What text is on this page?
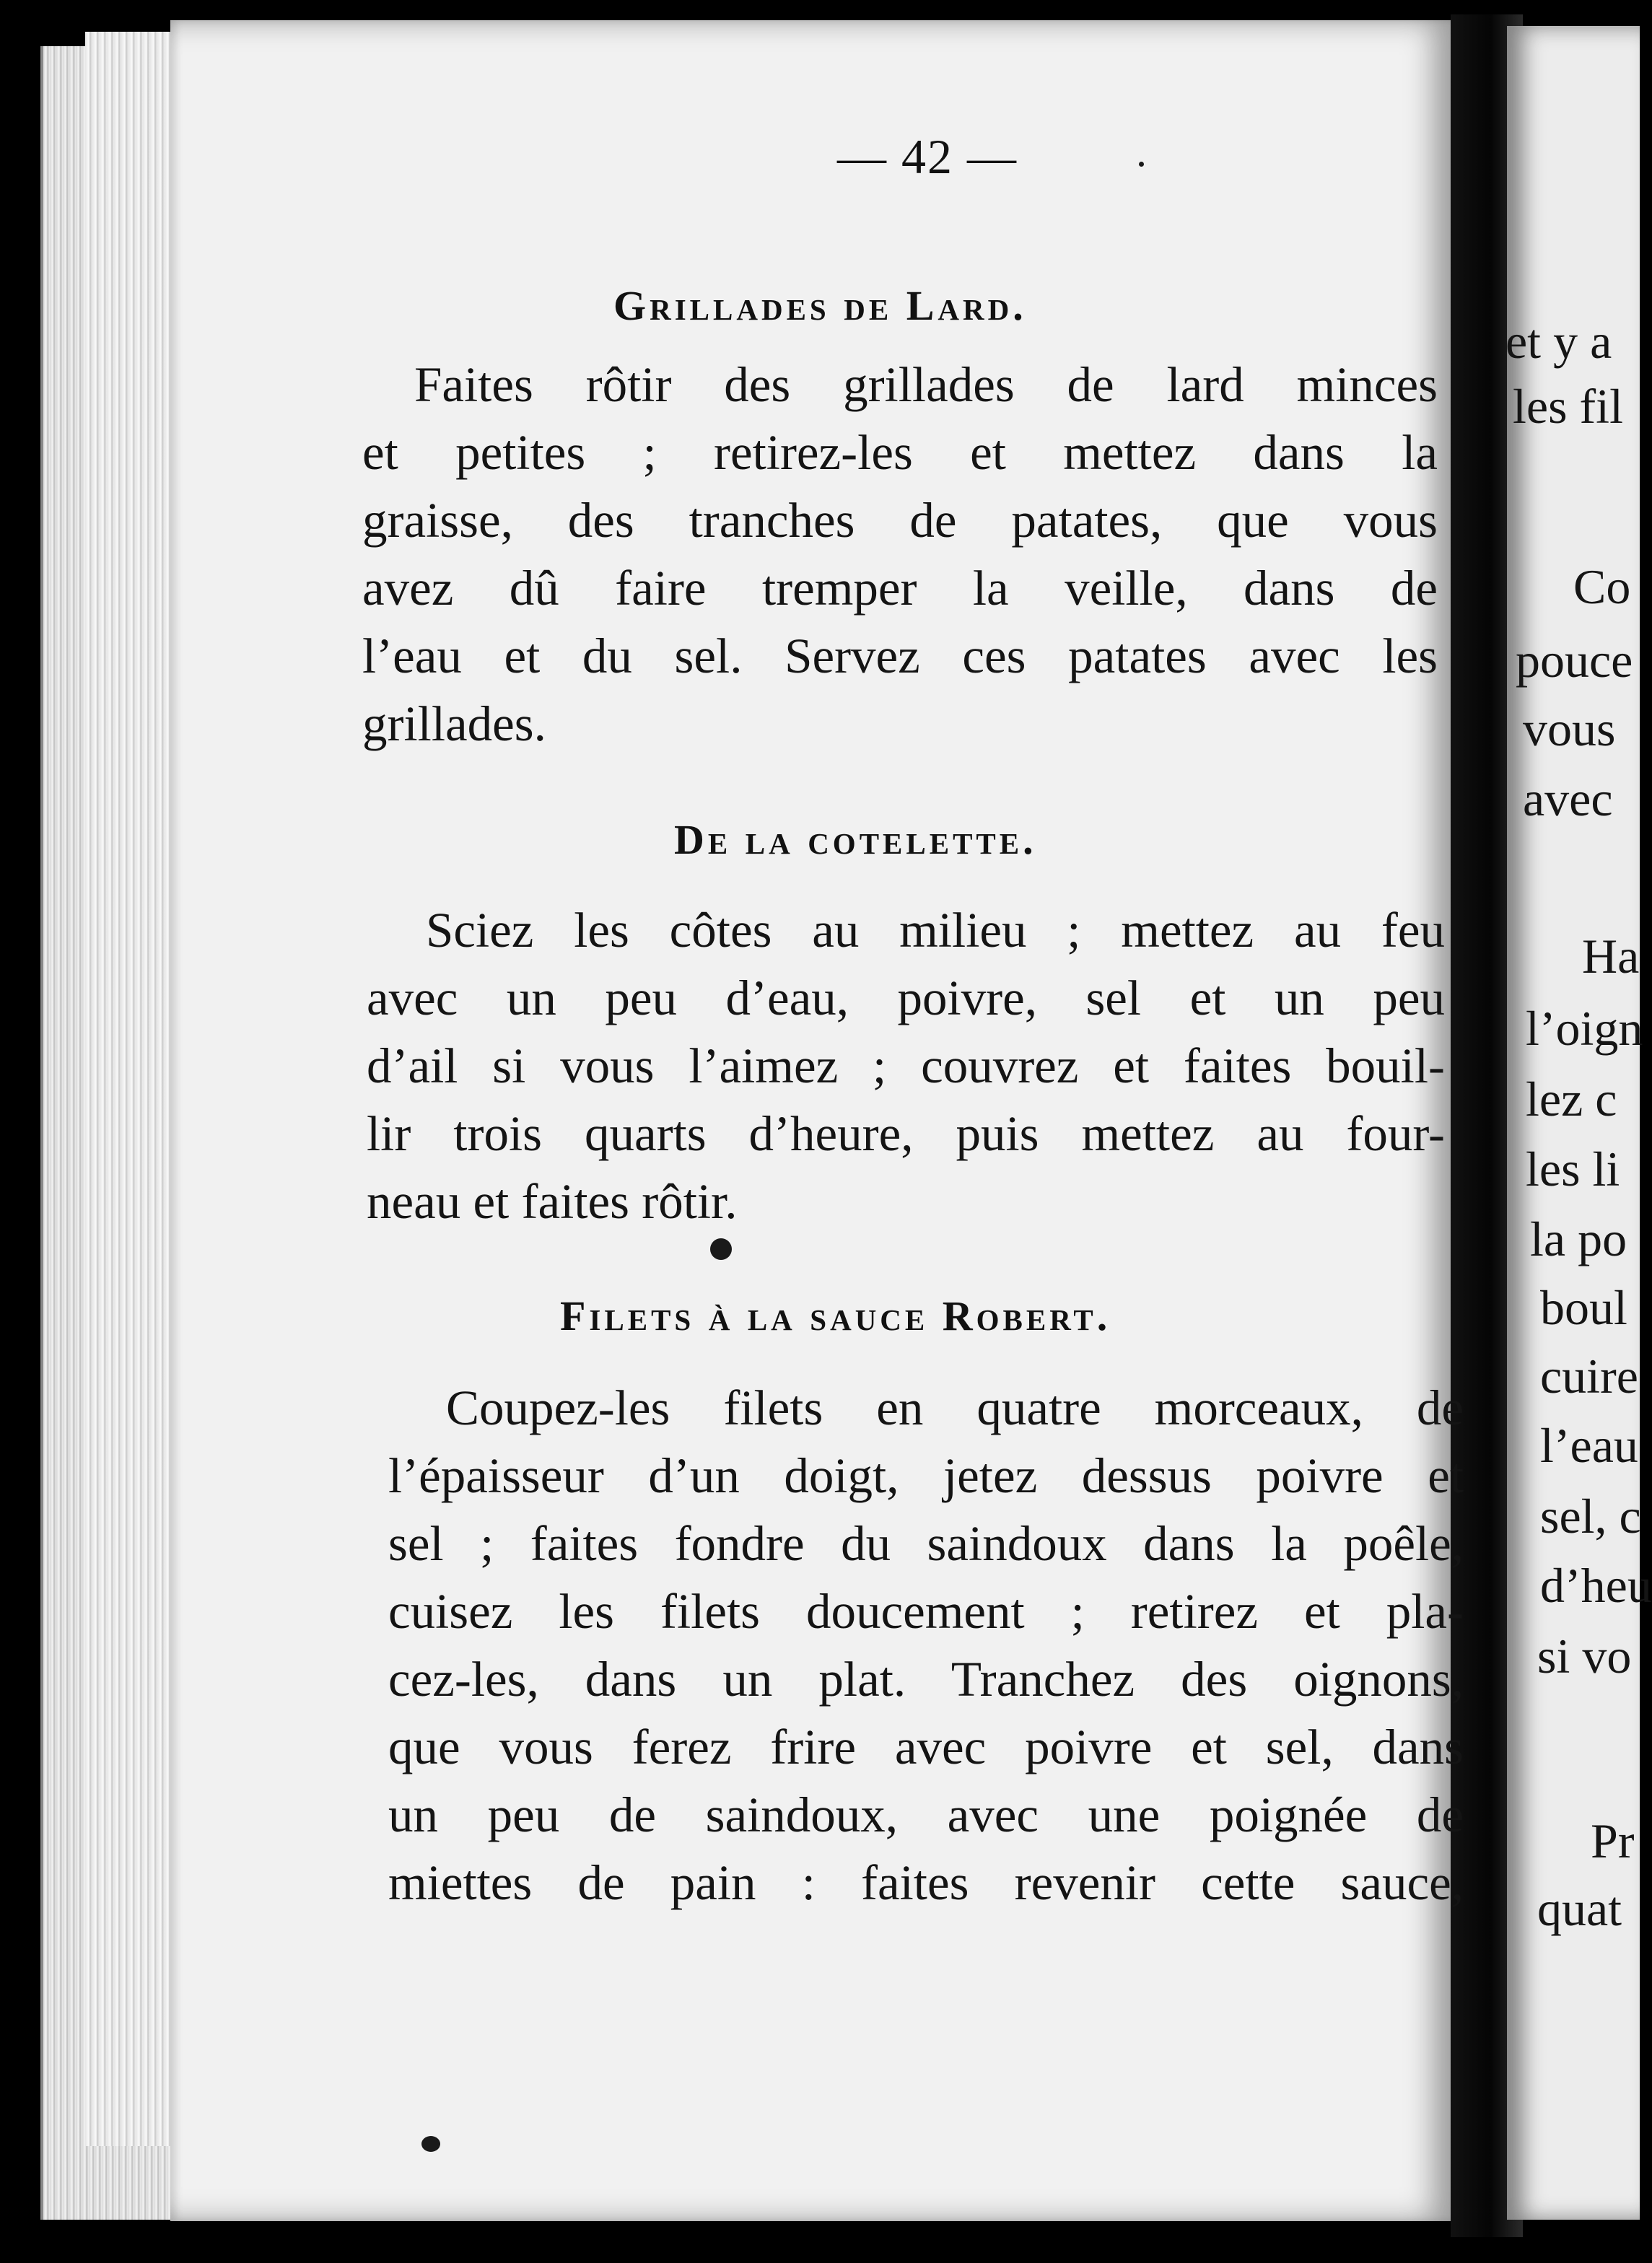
et y a
les fil
Co
pouce
vous
avec
Ha
l’oign
lez c
les li
la po
boul
cuire
l’eau
sel, c
d’heu
si vo
Pr
quat
— 42 —
Grillades de Lard.
Faites rôtir des grillades de lard minces
et petites ; retirez-les et mettez dans la
graisse, des tranches de patates, que vous
avez dû faire tremper la veille, dans de
l’eau et du sel. Servez ces patates avec les
grillades.
De la cotelette.
Sciez les côtes au milieu ; mettez au feu
avec un peu d’eau, poivre, sel et un peu
d’ail si vous l’aimez ; couvrez et faites bouil-
lir trois quarts d’heure, puis mettez au four-
neau et faites rôtir.
Filets à la sauce Robert.
Coupez-les filets en quatre morceaux, de
l’épaisseur d’un doigt, jetez dessus poivre et
sel ; faites fondre du saindoux dans la poêle,
cuisez les filets doucement ; retirez et pla-
cez-les, dans un plat. Tranchez des oignons,
que vous ferez frire avec poivre et sel, dans
un peu de saindoux, avec une poignée de
miettes de pain : faites revenir cette sauce,
